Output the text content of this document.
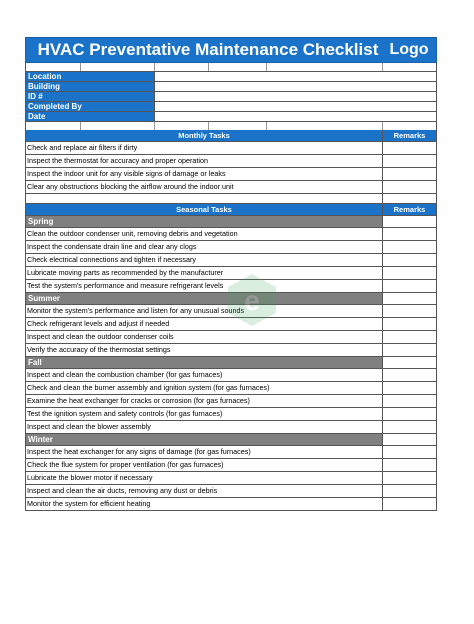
HVAC Preventative Maintenance Checklist Logo
Location
Building
ID #
Completed By
Date
Monthly Tasks	Remarks
Check and replace air filters if dirty
Inspect the thermostat for accuracy and proper operation
Inspect the indoor unit for any visible signs of damage or leaks
Clear any obstructions blocking the airflow around the indoor unit
Seasonal Tasks	Remarks
Spring
Clean the outdoor condenser unit, removing debris and vegetation
Inspect the condensate drain line and clear any clogs
Check electrical connections and tighten if necessary
Lubricate moving parts as recommended by the manufacturer
Test the system's performance and measure refrigerant levels
Summer
Monitor the system's performance and listen for any unusual sounds
Check refrigerant levels and adjust if needed
Inspect and clean the outdoor condenser coils
Verify the accuracy of the thermostat settings
Fall
Inspect and clean the combustion chamber (for gas furnaces)
Check and clean the burner assembly and ignition system (for gas furnaces)
Examine the heat exchanger for cracks or corrosion (for gas furnaces)
Test the ignition system and safety controls (for gas furnaces)
Inspect and clean the blower assembly
Winter
Inspect the heat exchanger for any signs of damage (for gas furnaces)
Check the flue system for proper ventilation (for gas furnaces)
Lubricate the blower motor if necessary
Inspect and clean the air ducts, removing any dust or debris
Monitor the system for efficient heating
e
